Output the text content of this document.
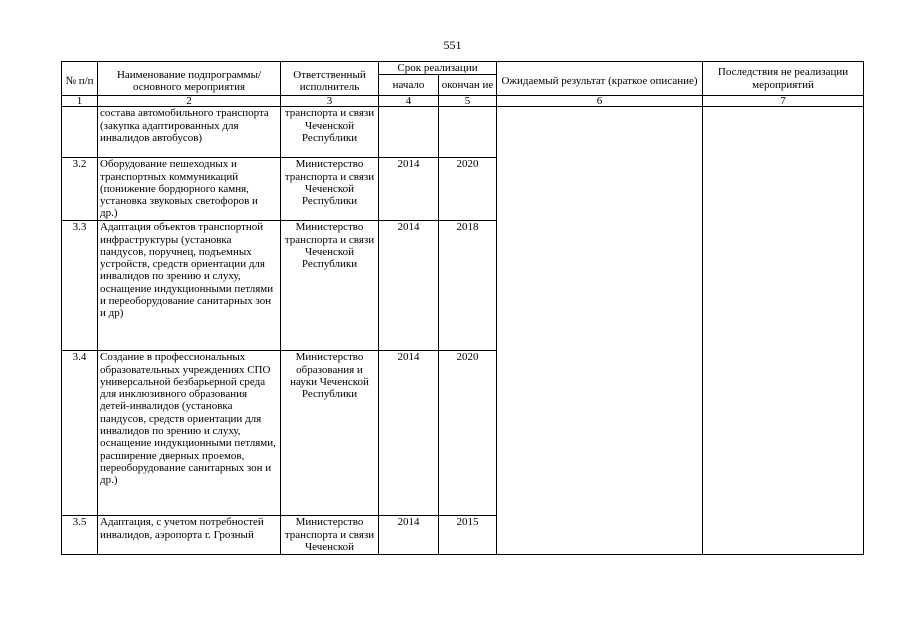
551
№ п/п	Наименование подпрограммы/ основного мероприятия	Ответственный исполнитель	Срок реализации		Ожидаемый результат (краткое описание)	Последствия не реализации мероприятий
			начало	окончан ие		
1	2	3	4	5	6	7
	состава автомобильного транспорта (закупка адаптированных для инвалидов автобусов)	транспорта и связи Чеченской Республики				
3.2	Оборудование пешеходных и транспортных коммуникаций (понижение бордюрного камня, установка звуковых светофоров и др.)	Министерство транспорта и связи Чеченской Республики	2014	2020		
3.3	Адаптация объектов транспортной инфраструктуры (установка пандусов, поручнец, подъемных устройств, средств ориентации для инвалидов по зрению и слуху, оснащение индукционными петлями и переоборудование санитарных зон и др)	Министерство транспорта и связи Чеченской Республики	2014	2018		
3.4	Создание в профессиональных образовательных учреждениях СПО универсальной безбарьерной среда для инклюзивного образования детей-инвалидов (установка пандусов, средств ориентации для инвалидов по зрению и слуху, оснащение индукционными петлями, расширение дверных проемов, переоборудование санитарных зон и др.)	Министерство образования и науки Чеченской Республики	2014	2020		
3.5	Адаптация, с учетом потребностей инвалидов, аэропорта г. Грозный	Министерство транспорта и связи Чеченской	2014	2015		
